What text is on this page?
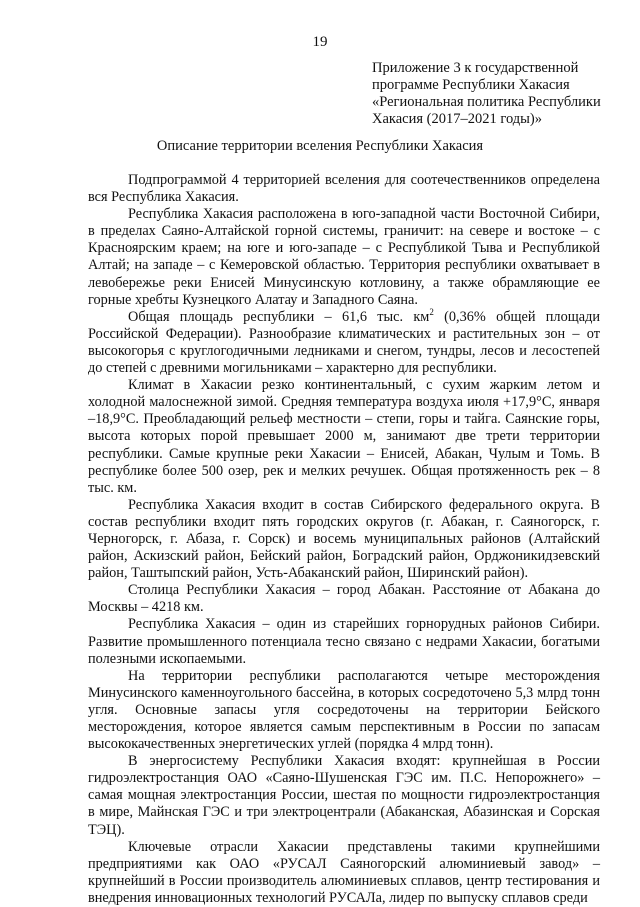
19
Приложение 3 к государственной
программе Республики Хакасия
«Региональная политика Республики
Хакасия (2017–2021 годы)»
Описание территории вселения Республики Хакасия

Подпрограммой 4 территорией вселения для соотечественников определена вся Республика Хакасия.

Республика Хакасия расположена в юго-западной части Восточной Сибири, в пределах Саяно-Алтайской горной системы, граничит: на севере и востоке – с Красноярским краем; на юге и юго-западе – с Республикой Тыва и Республикой Алтай; на западе – с Кемеровской областью. Территория республики охватывает в левобережье реки Енисей Минусинскую котловину, а также обрамляющие ее горные хребты Кузнецкого Алатау и Западного Саяна.

Общая площадь республики – 61,6 тыс. $км^2$ (0,36% общей площади Российской Федерации). Разнообразие климатических и растительных зон – от высокогорья с круглогодичными ледниками и снегом, тундры, лесов и лесостепей до степей с древними могильниками – характерно для республики.

Климат в Хакасии резко континентальный, с сухим жарким летом и холодной малоснежной зимой. Средняя температура воздуха июля +17,9°С, января –18,9°С. Преобладающий рельеф местности – степи, горы и тайга. Саянские горы, высота которых порой превышает 2000 м, занимают две трети территории республики. Самые крупные реки Хакасии – Енисей, Абакан, Чулым и Томь. В республике более 500 озер, рек и мелких речушек. Общая протяженность рек – 8 тыс. км.

Республика Хакасия входит в состав Сибирского федерального округа. В состав республики входит пять городских округов (г. Абакан, г. Саяногорск, г. Черногорск, г. Абаза, г. Сорск) и восемь муниципальных районов (Алтайский район, Аскизский район, Бейский район, Боградский район, Орджоникидзевский район, Таштыпский район, Усть-Абаканский район, Ширинский район).

Столица Республики Хакасия – город Абакан. Расстояние от Абакана до Москвы – 4218 км.

Республика Хакасия – один из старейших горнорудных районов Сибири. Развитие промышленного потенциала тесно связано с недрами Хакасии, богатыми полезными ископаемыми.

На территории республики располагаются четыре месторождения Минусинского каменноугольного бассейна, в которых сосредоточено 5,3 млрд тонн угля. Основные запасы угля сосредоточены на территории Бейского месторождения, которое является самым перспективным в России по запасам высококачественных энергетических углей (порядка 4 млрд тонн).

В энергосистему Республики Хакасия входят: крупнейшая в России гидроэлектростанция ОАО «Саяно-Шушенская ГЭС им. П.С. Непорожнего» – самая мощная электростанция России, шестая по мощности гидроэлектростанция в мире, Майнская ГЭС и три электроцентрали (Абаканская, Абазинская и Сорская ТЭЦ).

Ключевые отрасли Хакасии представлены такими крупнейшими предприятиями как ОАО «РУСАЛ Саяногорский алюминиевый завод» – крупнейший в России производитель алюминиевых сплавов, центр тестирования и внедрения инновационных технологий РУСАЛа, лидер по выпуску сплавов среди
